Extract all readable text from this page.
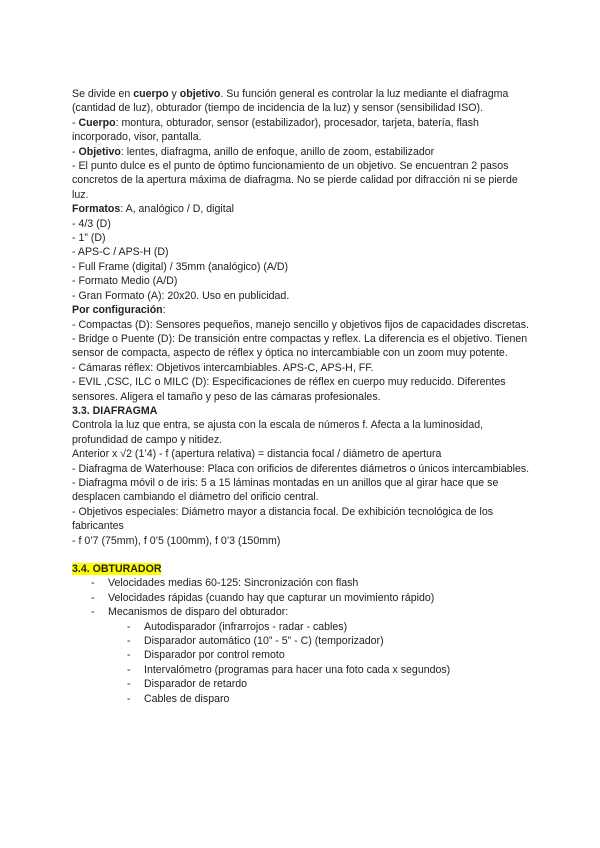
Se divide en cuerpo y objetivo. Su función general es controlar la luz mediante el diafragma (cantidad de luz), obturador (tiempo de incidencia de la luz) y sensor (sensibilidad ISO).

- Cuerpo: montura, obturador, sensor (estabilizador), procesador, tarjeta, batería, flash incorporado, visor, pantalla.

- Objetivo: lentes, diafragma, anillo de enfoque, anillo de zoom, estabilizador

- El punto dulce es el punto de óptimo funcionamiento de un objetivo. Se encuentran 2 pasos concretos de la apertura máxima de diafragma. No se pierde calidad por difracción ni se pierde luz.

Formatos: A, analógico / D, digital

- 4/3 (D)

- 1” (D)

- APS-C / APS-H (D)

- Full Frame (digital) / 35mm (analógico) (A/D)

- Formato Medio (A/D)

- Gran Formato (A): 20x20. Uso en publicidad.

Por configuración:

- Compactas (D): Sensores pequeños, manejo sencillo y objetivos fijos de capacidades discretas.

- Bridge o Puente (D): De transición entre compactas y reflex. La diferencia es el objetivo. Tienen sensor de compacta, aspecto de réflex y óptica no intercambiable con un zoom muy potente.

- Cámaras réflex: Objetivos intercambiables. APS-C, APS-H, FF.

- EVIL ,CSC, ILC o MILC (D): Especificaciones de réflex en cuerpo muy reducido. Diferentes sensores. Aligera el tamaño y peso de las cámaras profesionales.

3.3. DIAFRAGMA

Controla la luz que entra, se ajusta con la escala de números f. Afecta a la luminosidad, profundidad de campo y nitidez.

Anterior x √2 (1’4) - f (apertura relativa) = distancia focal / diámetro de apertura

- Diafragma de Waterhouse: Placa con orificios de diferentes diámetros o únicos intercambiables.

- Diafragma móvil o de iris: 5 a 15 láminas montadas en un anillos que al girar hace que se desplacen cambiando el diámetro del orificio central.

- Objetivos especiales: Diámetro mayor a distancia focal. De exhibición tecnológica de los fabricantes

- f 0’7 (75mm), f 0’5 (100mm), f 0’3 (150mm)

3.4. OBTURADOR

- Velocidades medias 60-125: Sincronización con flash
- Velocidades rápidas (cuando hay que capturar un movimiento rápido)
- Mecanismos de disparo del obturador:
- Autodisparador (infrarrojos - radar - cables)
- Disparador automático (10” - 5” - C) (temporizador)
- Disparador por control remoto
- Intervalómetro (programas para hacer una foto cada x segundos)
- Disparador de retardo
- Cables de disparo
